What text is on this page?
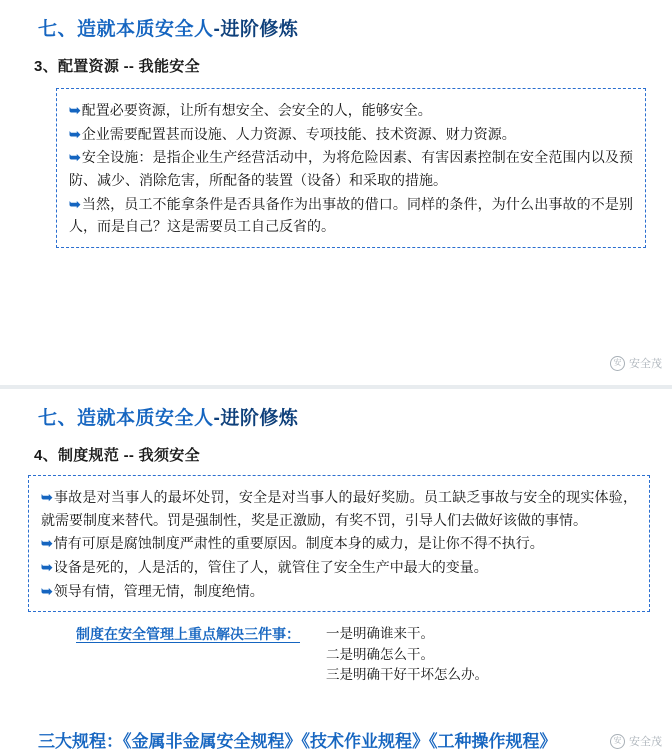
七、造就本质安全人-进阶修炼
3、配置资源 -- 我能安全

➥配置必要资源，让所有想安全、会安全的人，能够安全。

➥企业需要配置甚而设施、人力资源、专项技能、技术资源、财力资源。

➥安全设施：是指企业生产经营活动中，为将危险因素、有害因素控制在安全范围内以及预防、减少、消除危害，所配备的装置（设备）和采取的措施。

➥当然，员工不能拿条件是否具备作为出事故的借口。同样的条件，为什么出事故的不是别人，而是自己？这是需要员工自己反省的。

安 安全茂
七、造就本质安全人-进阶修炼
4、制度规范 -- 我须安全

➥事故是对当事人的最坏处罚，安全是对当事人的最好奖励。员工缺乏事故与安全的现实体验，就需要制度来替代。罚是强制性，奖是正激励，有奖不罚，引导人们去做好该做的事情。

➥情有可原是腐蚀制度严肃性的重要原因。制度本身的威力，是让你不得不执行。

➥设备是死的，人是活的，管住了人，就管住了安全生产中最大的变量。

➥领导有情，管理无情，制度绝情。

制度在安全管理上重点解决三件事： 一是明确谁来干。
二是明确怎么干。
三是明确干好干坏怎么办。
三大规程：《金属非金属安全规程》《技术作业规程》《工种操作规程》	安 安全茂
